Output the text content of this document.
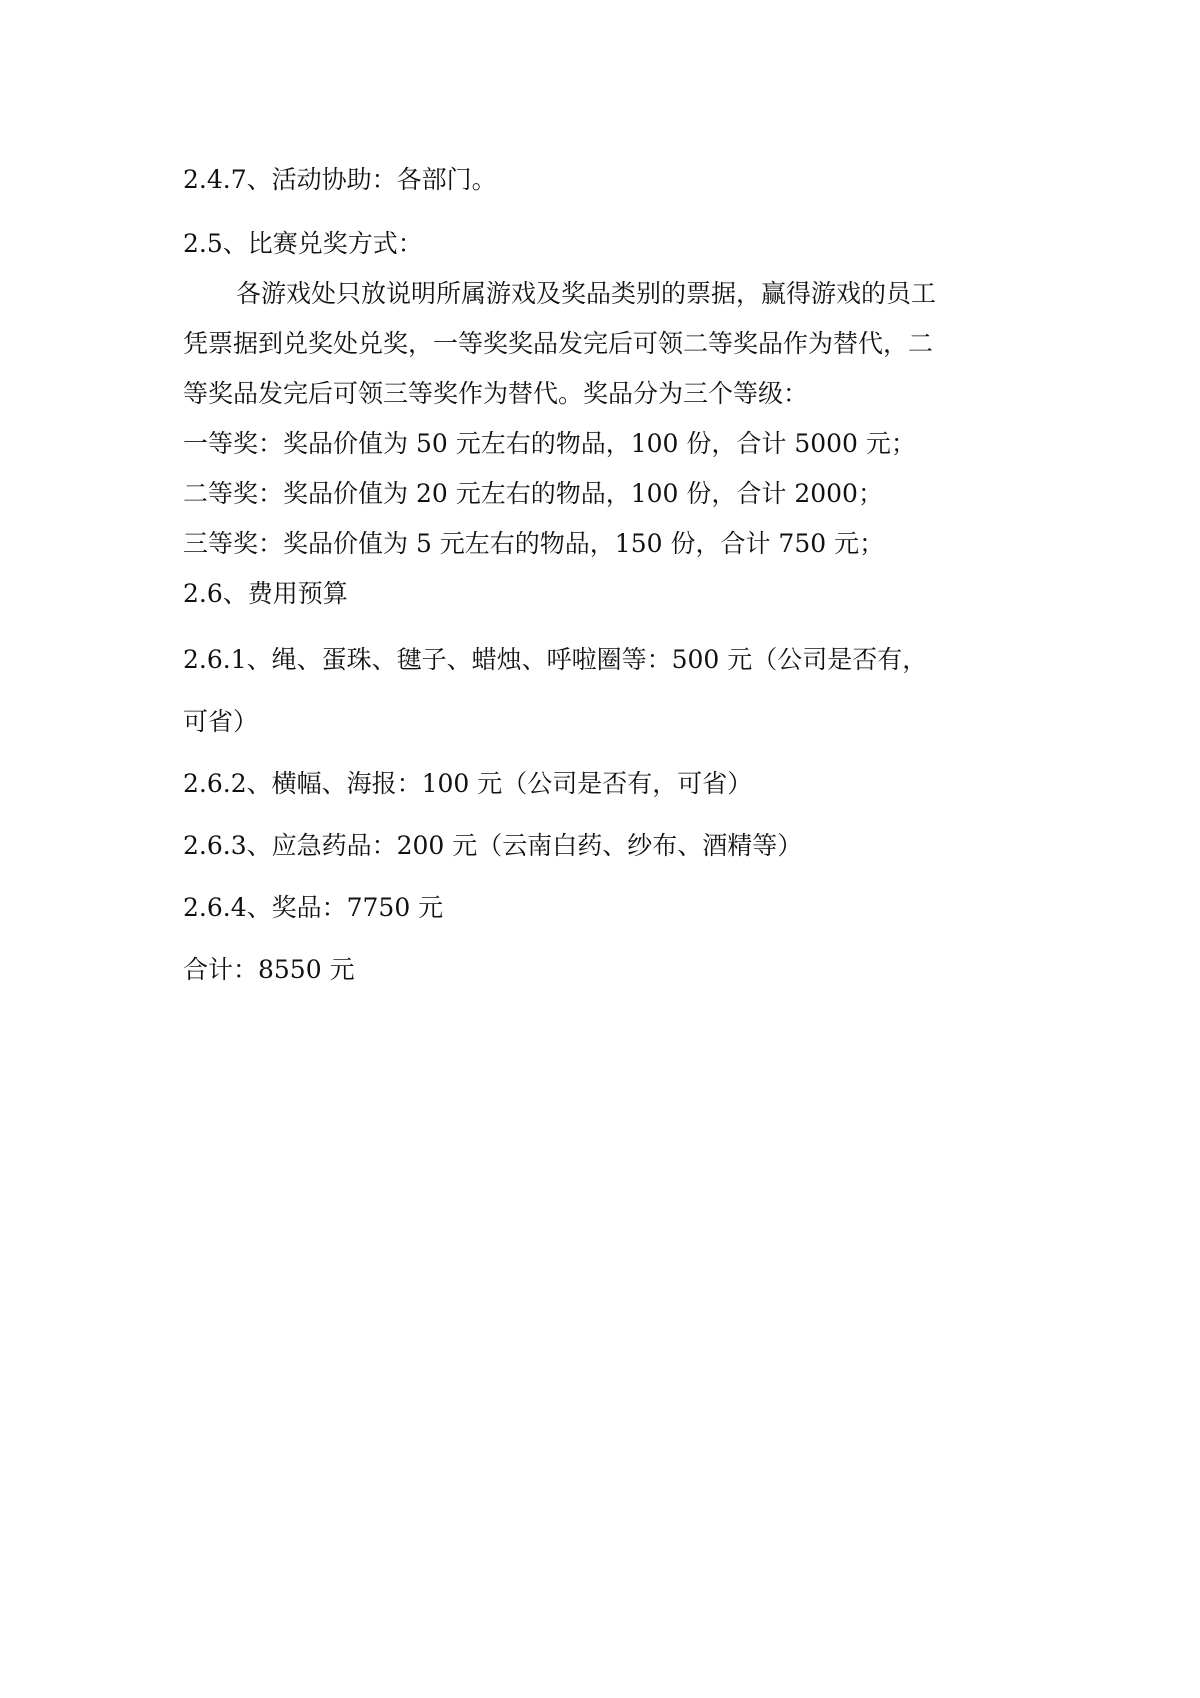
2.4.7、活动协助：各部门。
2.5、比赛兑奖方式：
各游戏处只放说明所属游戏及奖品类别的票据，赢得游戏的员工
凭票据到兑奖处兑奖，一等奖奖品发完后可领二等奖品作为替代，二
等奖品发完后可领三等奖作为替代。奖品分为三个等级：
一等奖：奖品价值为 50 元左右的物品，100 份，合计 5000 元；
二等奖：奖品价值为 20 元左右的物品，100 份，合计 2000；
三等奖：奖品价值为 5 元左右的物品，150 份，合计 750 元；
2.6、费用预算
2.6.1、绳、蛋珠、毽子、蜡烛、呼啦圈等：500 元（公司是否有，
可省）
2.6.2、横幅、海报：100 元（公司是否有，可省）
2.6.3、应急药品：200 元（云南白药、纱布、酒精等）
2.6.4、奖品：7750 元
合计：8550 元
